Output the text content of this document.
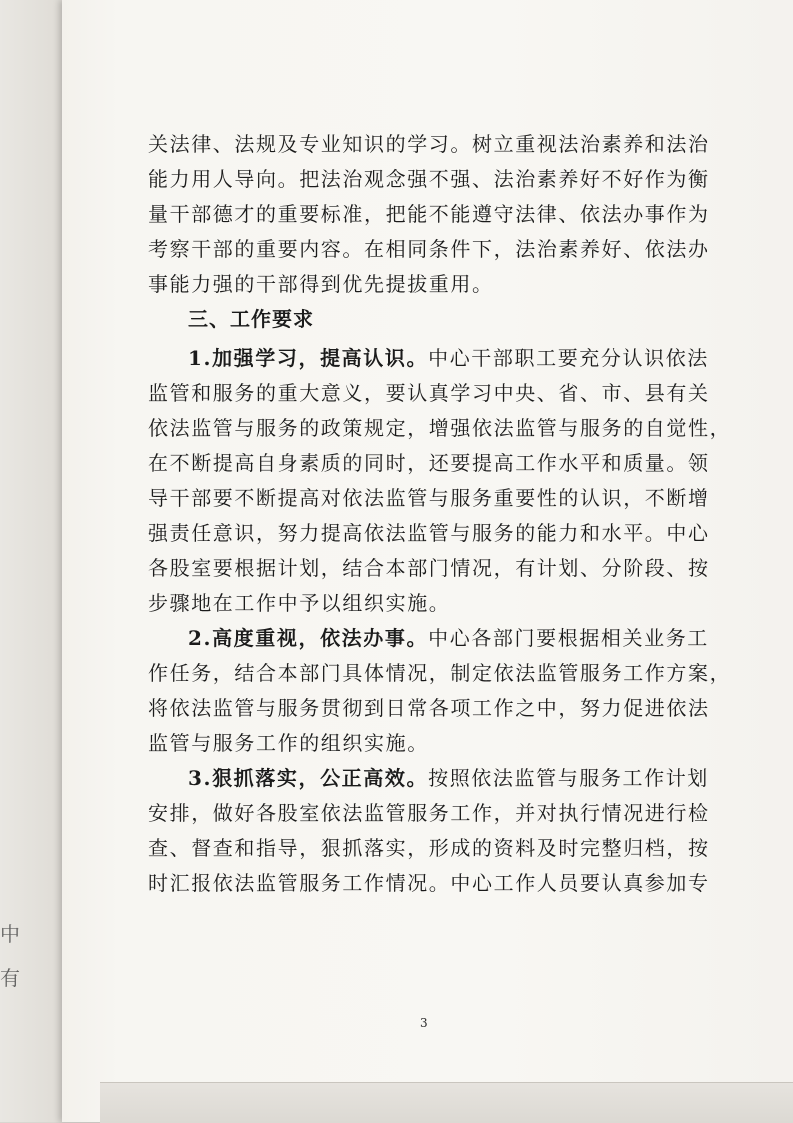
中
有
关法律、法规及专业知识的学习。树立重视法治素养和法治
能力用人导向。把法治观念强不强、法治素养好不好作为衡
量干部德才的重要标准，把能不能遵守法律、依法办事作为
考察干部的重要内容。在相同条件下，法治素养好、依法办
事能力强的干部得到优先提拔重用。
三、工作要求
1.加强学习，提高认识。中心干部职工要充分认识依法
监管和服务的重大意义，要认真学习中央、省、市、县有关
依法监管与服务的政策规定，增强依法监管与服务的自觉性，
在不断提高自身素质的同时，还要提高工作水平和质量。领
导干部要不断提高对依法监管与服务重要性的认识，不断增
强责任意识，努力提高依法监管与服务的能力和水平。中心
各股室要根据计划，结合本部门情况，有计划、分阶段、按
步骤地在工作中予以组织实施。
2.高度重视，依法办事。中心各部门要根据相关业务工
作任务，结合本部门具体情况，制定依法监管服务工作方案，
将依法监管与服务贯彻到日常各项工作之中，努力促进依法
监管与服务工作的组织实施。
3.狠抓落实，公正高效。按照依法监管与服务工作计划
安排，做好各股室依法监管服务工作，并对执行情况进行检
查、督查和指导，狠抓落实，形成的资料及时完整归档，按
时汇报依法监管服务工作情况。中心工作人员要认真参加专
3
